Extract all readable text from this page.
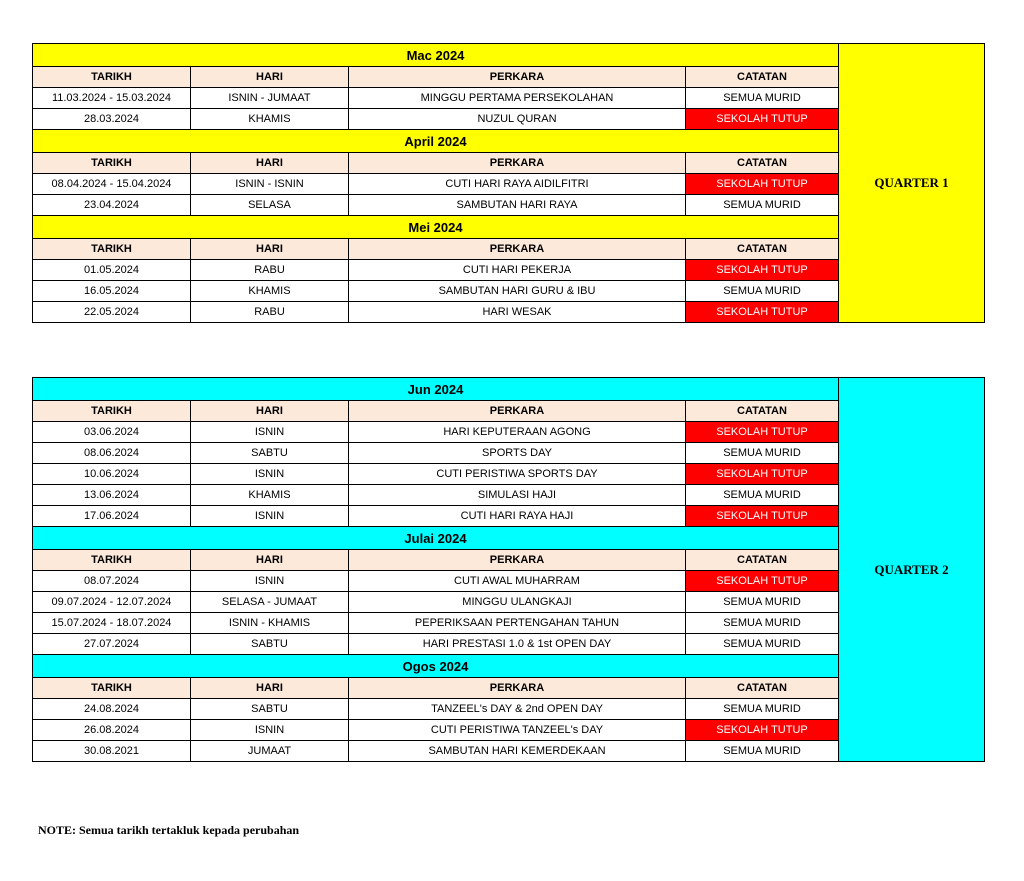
Mac 2024				QUARTER 1
TARIKH	HARI	PERKARA	CATATAN	
11.03.2024 - 15.03.2024	ISNIN - JUMAAT	MINGGU PERTAMA PERSEKOLAHAN	SEMUA MURID	
28.03.2024	KHAMIS	NUZUL QURAN	SEKOLAH TUTUP	
April 2024				
TARIKH	HARI	PERKARA	CATATAN	
08.04.2024 - 15.04.2024	ISNIN - ISNIN	CUTI HARI RAYA AIDILFITRI	SEKOLAH TUTUP	
23.04.2024	SELASA	SAMBUTAN HARI RAYA	SEMUA MURID	
Mei 2024				
TARIKH	HARI	PERKARA	CATATAN	
01.05.2024	RABU	CUTI HARI PEKERJA	SEKOLAH TUTUP	
16.05.2024	KHAMIS	SAMBUTAN HARI GURU & IBU	SEMUA MURID	
22.05.2024	RABU	HARI WESAK	SEKOLAH TUTUP	
Jun 2024				QUARTER 2
TARIKH	HARI	PERKARA	CATATAN	
03.06.2024	ISNIN	HARI KEPUTERAAN AGONG	SEKOLAH TUTUP	
08.06.2024	SABTU	SPORTS DAY	SEMUA MURID	
10.06.2024	ISNIN	CUTI PERISTIWA SPORTS DAY	SEKOLAH TUTUP	
13.06.2024	KHAMIS	SIMULASI HAJI	SEMUA MURID	
17.06.2024	ISNIN	CUTI HARI RAYA HAJI	SEKOLAH TUTUP	
Julai 2024				
TARIKH	HARI	PERKARA	CATATAN	
08.07.2024	ISNIN	CUTI AWAL MUHARRAM	SEKOLAH TUTUP	
09.07.2024 - 12.07.2024	SELASA - JUMAAT	MINGGU ULANGKAJI	SEMUA MURID	
15.07.2024 - 18.07.2024	ISNIN - KHAMIS	PEPERIKSAAN PERTENGAHAN TAHUN	SEMUA MURID	
27.07.2024	SABTU	HARI PRESTASI 1.0 & 1st OPEN DAY	SEMUA MURID	
Ogos 2024				
TARIKH	HARI	PERKARA	CATATAN	
24.08.2024	SABTU	TANZEEL's DAY & 2nd OPEN DAY	SEMUA MURID	
26.08.2024	ISNIN	CUTI PERISTIWA TANZEEL's DAY	SEKOLAH TUTUP	
30.08.2021	JUMAAT	SAMBUTAN HARI KEMERDEKAAN	SEMUA MURID	
NOTE: Semua tarikh tertakluk kepada perubahan
